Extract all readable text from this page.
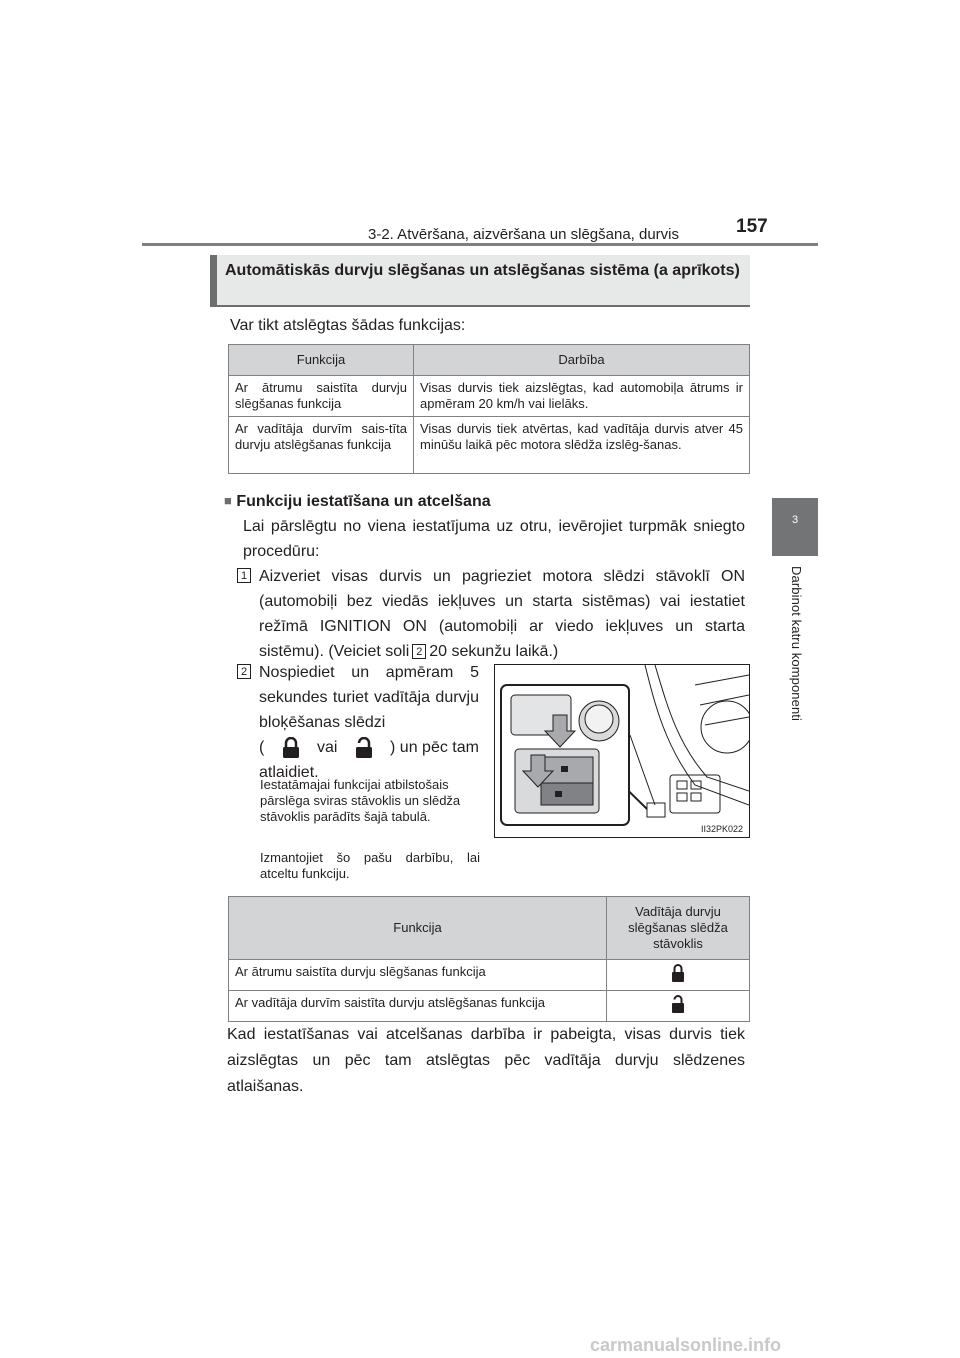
3-2. Atvēršana, aizvēršana un slēgšana, durvis	157
3
Darbinot katru komponenti
Automātiskās durvju slēgšanas un atslēgšanas sistēma (a aprīkots)
Var tikt atslēgtas šādas funkcijas:
Funkcija	Darbība
Ar ātrumu saistīta durvju slēgšanas funkcija	Visas durvis tiek aizslēgtas, kad automobiļa ātrums ir apmēram 20 km/h vai lielāks.
Ar vadītāja durvīm sais-tīta durvju atslēgšanas funkcija	Visas durvis tiek atvērtas, kad vadītāja durvis atver 45 minūšu laikā pēc motora slēdža izslēg-šanas.
■ Funkciju iestatīšana un atcelšana
Lai pārslēgtu no viena iestatījuma uz otru, ievērojiet turpmāk sniegto procedūru:
1 Aizveriet visas durvis un pagrieziet motora slēdzi stāvoklī ON (automobiļi bez viedās iekļuves un starta sistēmas) vai iestatiet režīmā IGNITION ON (automobiļi ar viedo iekļuves un starta sistēmu). (Veiciet soli 2 20 sekunžu laikā.)
2 Nospiediet un apmēram 5 sekundes turiet vadītāja durvju bloķēšanas slēdzi

(	vai	) un pēc tam
atlaidiet.
Iestatāmajai funkcijai atbilstošais pārslēga sviras stāvoklis un slēdža stāvoklis parādīts šajā tabulā.
Izmantojiet šo pašu darbību, lai atceltu funkciju.
II32PK022
Funkcija	Vadītāja durvju slēgšanas slēdža stāvoklis
Ar ātrumu saistīta durvju slēgšanas funkcija	
Ar vadītāja durvīm saistīta durvju atslēgšanas funkcija	
Kad iestatīšanas vai atcelšanas darbība ir pabeigta, visas durvis tiek aizslēgtas un pēc tam atslēgtas pēc vadītāja durvju slēdzenes atlaišanas.
carmanualsonline.info
